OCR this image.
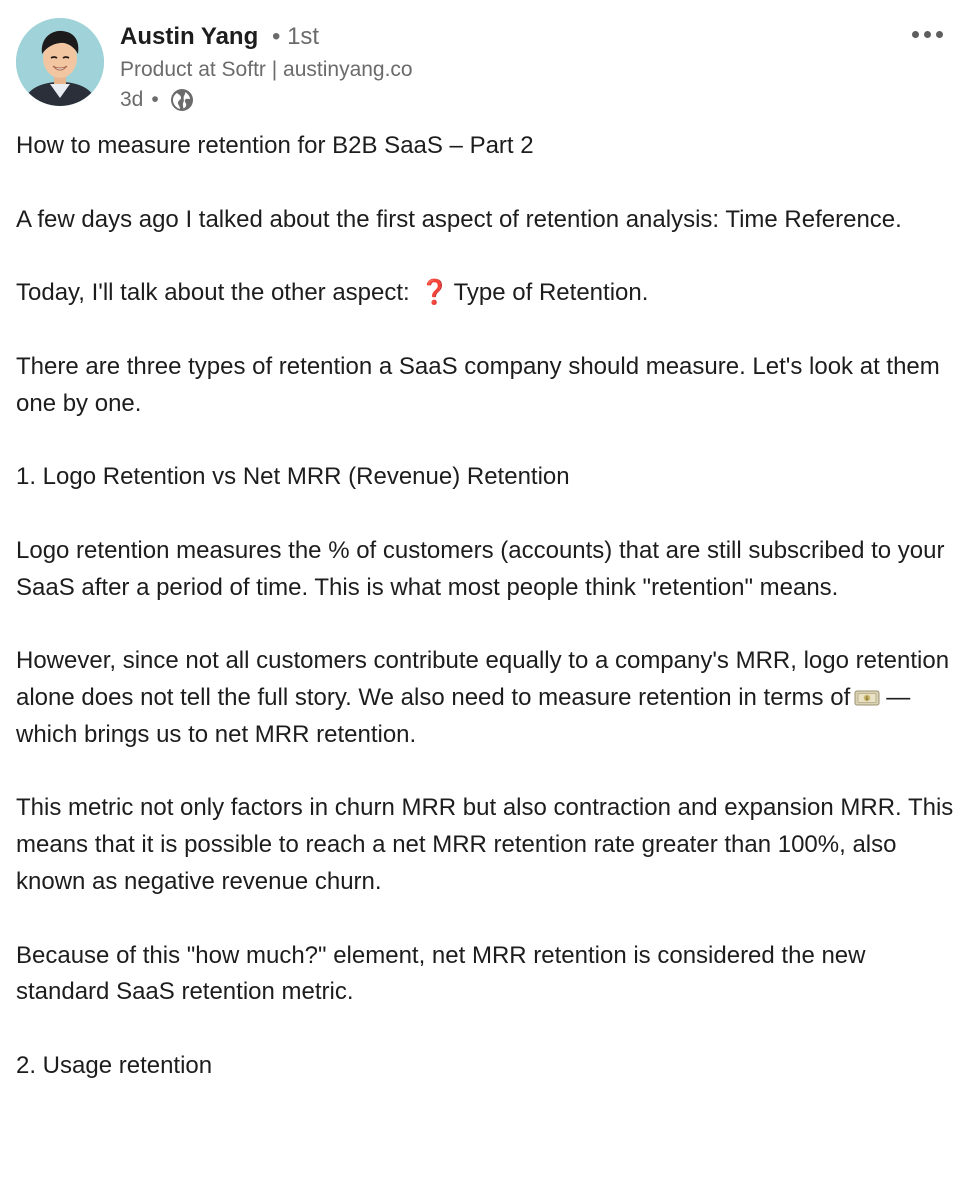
Austin Yang • 1st
Product at Softr | austinyang.co
3d •

How to measure retention for B2B SaaS – Part 2

A few days ago I talked about the first aspect of retention analysis: Time Reference.

Today, I'll talk about the other aspect: ❓ Type of Retention.

There are three types of retention a SaaS company should measure. Let's look at them one by one.

1. Logo Retention vs Net MRR (Revenue) Retention

Logo retention measures the % of customers (accounts) that are still subscribed to your SaaS after a period of time. This is what most people think "retention" means.

However, since not all customers contribute equally to a company's MRR, logo retention alone does not tell the full story. We also need to measure retention in terms of	$ — which brings us to net MRR retention.

This metric not only factors in churn MRR but also contraction and expansion MRR. This means that it is possible to reach a net MRR retention rate greater than 100%, also known as negative revenue churn.

Because of this "how much?" element, net MRR retention is considered the new standard SaaS retention metric.

2. Usage retention
